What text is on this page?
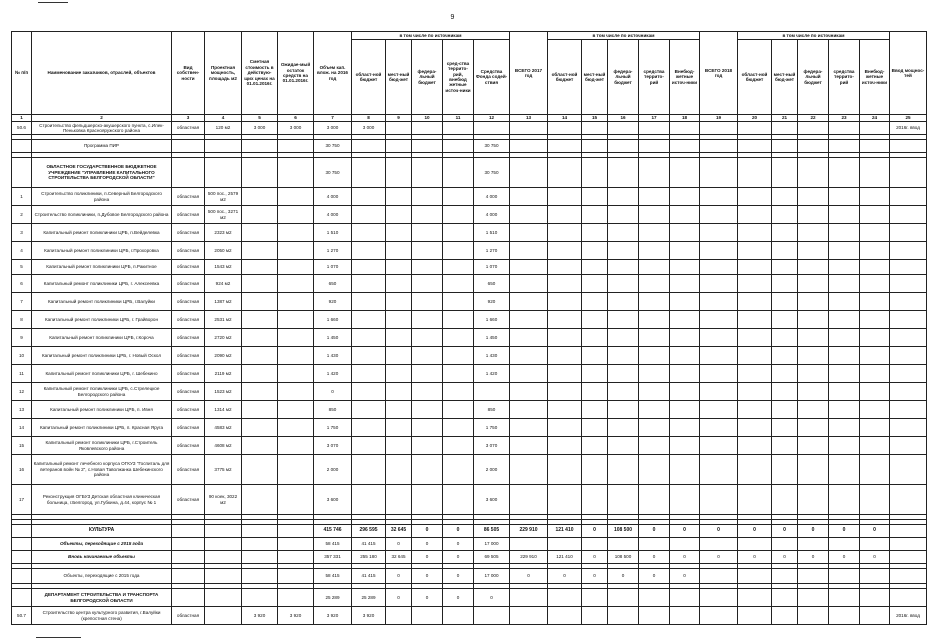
9
№ п/п	Наименование заказчиков, отраслей, объектов	Вид собствен-ности	Проектная мощность, площадь м2	Сметная стоимость в действую-щих ценах на 01.01.2016г.	Ожидае-мый остаток средств на 01.01.2016г.	Объем кап. влож. на 2016 год	в том числе по источникам					ВСЕГО 2017 год	в том числе по источникам					ВСЕГО 2018 год	в том числе по источникам					Ввод мощнос-тей
							област-ной бюджет	мест-ный бюд-жет	федера-льный бюджет	сред-ства террито-рий, внебюд жетные источ-ники	Средства Фонда содей-ствия		област-ной бюджет	мест-ный бюд-жет	федера-льный бюджет	средства террито-рий	Внебюд-жетные источ-ники		област-ной бюджет	мест-ный бюд-жет	федера-льный бюджет	средства террито-рий	Внебюд-жетные источ-ники	
1	2	3	4	5	6	7	8	9	10	11	12	13	14	15	16	17	18	19	20	21	22	23	24	25
50.6	Строительство фельдшерско-акушерского пункта, с.Илек-Пеньковка Краснояружского района	областная	120 м2	3 000	3 000	3 000	3 000																	2016г. ввод

	Программа ПИР					30 750					30 750													

	ОБЛАСТНОЕ ГОСУДАРСТВЕННОЕ БЮДЖЕТНОЕ УЧРЕЖДЕНИЕ "УПРАВЛЕНИЕ КАПИТАЛЬНОГО СТРОИТЕЛЬСТВА БЕЛГОРОДСКОЙ ОБЛАСТИ"					30 750					30 750													
1	Строительство поликлиники, п.Северный Белгородского района	областная	500 пос., 2579 м2			4 000					4 000													
2	Строительство поликлиники, п.Дубовое Белгородского района	областная	500 пос., 3271 м2			4 000					4 000													
3	Капитальный ремонт поликлиники ЦРБ, п.Вейделевка	областная	2323 м2			1 510					1 510													
4	Капитальный ремонт поликлиники ЦРБ, г.Прохоровка	областная	2050 м2			1 270					1 270													
5	Капитальный ремонт поликлиники ЦРБ, п.Ракитное	областная	1543 м2			1 070					1 070													
6	Капитальный ремонт поликлиники ЦРБ, г. Алексеевка	областная	924 м2			650					650													
7	Капитальный ремонт поликлиники ЦРБ, г.Валуйки	областная	1387 м2			920					920													
8	Капитальный ремонт поликлиники ЦРБ, г. Грайворон	областная	2531 м2			1 660					1 660													
9	Капитальный ремонт поликлиники ЦРБ, г.Короча	областная	2720 м2			1 450					1 450													
10	Капитальный ремонт поликлиники ЦРБ, г. Новый Оскол	областная	2090 м2			1 430					1 430													
11	Капитальный ремонт поликлиники ЦРБ, г. Шебекино	областная	2119 м2			1 420					1 420													
12	Капитальный ремонт поликлиники ЦРБ, с.Стрелецкое Белгородского района	областная	1523 м2			0																		
13	Капитальный ремонт поликлиники ЦРБ, п. Ивня	областная	1314 м2			850					850													
14	Капитальный ремонт поликлиники ЦРБ, п. Красная Яруга	областная	4583 м2			1 750					1 750													
15	Капитальный ремонт поликлиники ЦРБ, г.Строитель Яковлевского района	областная	4608 м2			3 070					3 070													
16	Капитальный ремонт лечебного корпуса ОГКУЗ "Госпиталь для ветеранов войн № 2", с.Новая Таволжанка Шебекинского района	областная	3775 м2			2 000					2 000													
17	Реконструкция ОГБУЗ Детская областная клиническая больница, г.Белгород, ул.Губкина, д.44, корпус № 1	областная	90 коек, 3022 м2			3 600					3 600													

	КУЛЬТУРА					415 746	296 595	32 645	0	0	86 505	229 910	121 410	0	108 500	0	0	0	0	0	0	0	0	
	Объекты, переходящие с 2015 года					58 415	41 415	0	0	0	17 000													
	Вновь начинаемые объекты					357 331	255 180	32 645	0	0	69 505	229 910	121 410	0	108 500	0	0	0	0	0	0	0	0	

	Объекты, переходящие с 2015 года					58 415	41 415	0	0	0	17 000	0	0	0	0	0	0							

	ДЕПАРТАМЕНТ СТРОИТЕЛЬСТВА И ТРАНСПОРТА БЕЛГОРОДСКОЙ ОБЛАСТИ					25 289	25 289	0	0	0	0													
50.7	Строительство центра культурного развития, г.Валуйки (крепостная стена)	областная		3 920	3 920	3 920	3 920																	2016г. ввод
